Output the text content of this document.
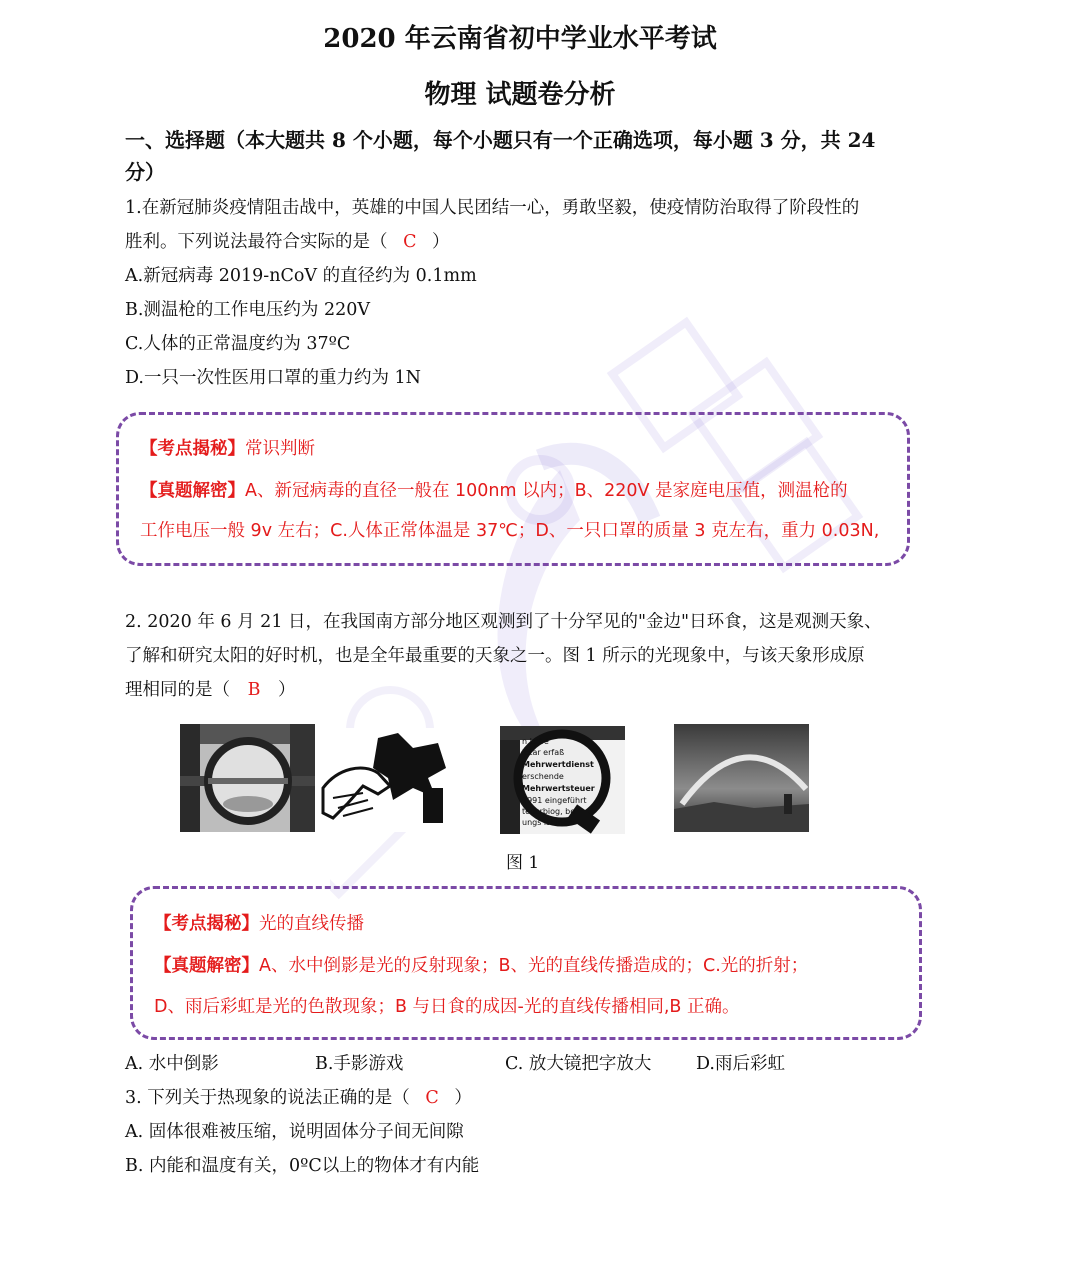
2020 年云南省初中学业水平考试
物理 试题卷分析
一、选择题（本大题共 8 个小题，每个小题只有一个正确选项，每小题 3 分，共 24
分）
1.在新冠肺炎疫情阻击战中，英雄的中国人民团结一心，勇敢坚毅，使疫情防治取得了阶段性的
胜利。下列说法最符合实际的是（ C ）
A.新冠病毒 2019-nCoV 的直径约为 0.1mm
B.测温枪的工作电压约为 220V
C.人体的正常温度约为 37ºC
D.一只一次性医用口罩的重力约为 1N
【考点揭秘】常识判断
【真题解密】A、新冠病毒的直径一般在 100nm 以内；B、220V 是家庭电压值，测温枪的
工作电压一般 9v 左右；C.人体正常体温是 37℃；D、一只口罩的质量 3 克左右，重力 0.03N,
2. 2020 年 6 月 21 日，在我国南方部分地区观测到了十分罕见的"金边"日环食，这是观测天象、
了解和研究太阳的好时机，也是全年最重要的天象之一。图 1 所示的光现象中，与该天象形成原
理相同的是（ B ）
n Lebe
ibtar erfaß
Mehrwertdienst
erschende
Mehrwertsteuer
1991 eingeführt
teucrbiog, be
ungs ist iner
图 1
【考点揭秘】光的直线传播
【真题解密】A、水中倒影是光的反射现象；B、光的直线传播造成的；C.光的折射；
D、雨后彩虹是光的色散现象；B 与日食的成因-光的直线传播相同,B 正确。
A. 水中倒影	B.手影游戏	C. 放大镜把字放大	D.雨后彩虹
3. 下列关于热现象的说法正确的是（ C ）
A. 固体很难被压缩，说明固体分子间无间隙
B. 内能和温度有关，0ºC以上的物体才有内能
